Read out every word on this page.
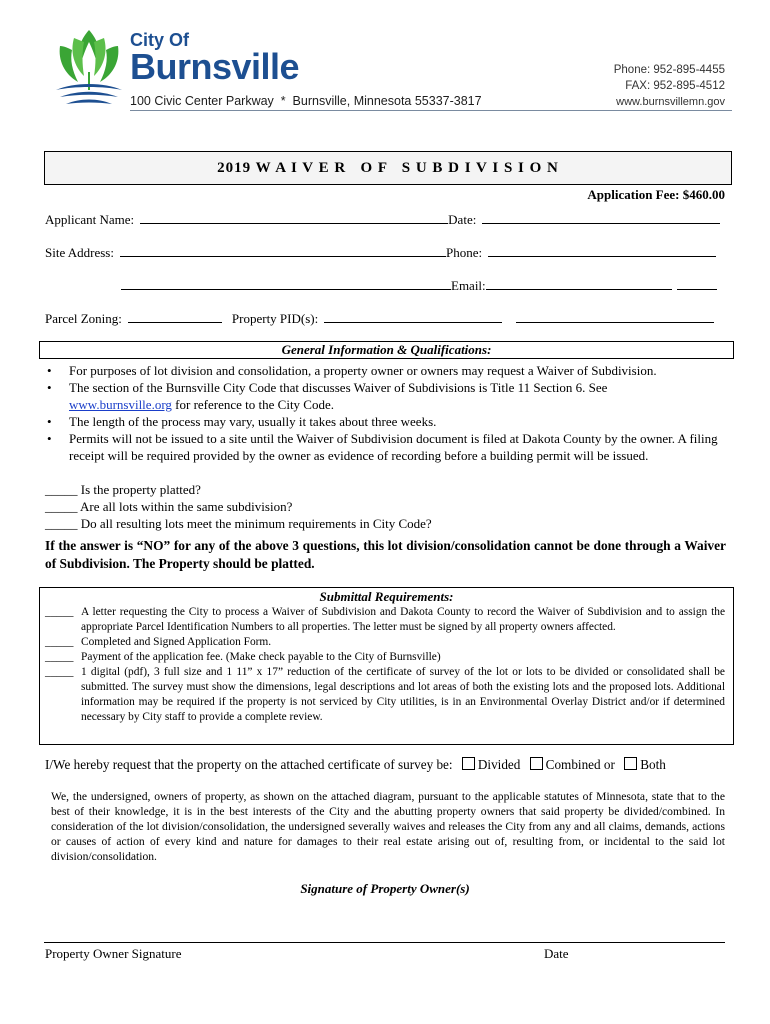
City Of
Burnsville
100 Civic Center Parkway  *  Burnsville, Minnesota 55337-3817
Phone: 952-895-4455
FAX: 952-895-4512
www.burnsvillemn.gov
2019 W A I V E R   O F   S U B D I V I S I O N
Application Fee: $460.00
Applicant Name:	Date:
Site Address:	Phone:
Email:
Parcel Zoning:	Property PID(s):
General Information & Qualifications:
• For purposes of lot division and consolidation, a property owner or owners may request a Waiver of Subdivision.
• The section of the Burnsville City Code that discusses Waiver of Subdivisions is Title 11 Section 6. See
www.burnsville.org for reference to the City Code.
• The length of the process may vary, usually it takes about three weeks.
• Permits will not be issued to a site until the Waiver of Subdivision document is filed at Dakota County by the owner. A filing receipt will be required provided by the owner as evidence of recording before a building permit will be issued.
_____ Is the property platted?
_____ Are all lots within the same subdivision?
_____ Do all resulting lots meet the minimum requirements in City Code?
If the answer is “NO” for any of the above 3 questions, this lot division/consolidation cannot be done through a Waiver of Subdivision. The Property should be platted.
Submittal Requirements:
_____ A letter requesting the City to process a Waiver of Subdivision and Dakota County to record the Waiver of Subdivision and to assign the appropriate Parcel Identification Numbers to all properties. The letter must be signed by all property owners affected.
_____ Completed and Signed Application Form.
_____ Payment of the application fee. (Make check payable to the City of Burnsville)
_____ 1 digital (pdf), 3 full size and 1 11” x 17” reduction of the certificate of survey of the lot or lots to be divided or consolidated shall be submitted. The survey must show the dimensions, legal descriptions and lot areas of both the existing lots and the proposed lots. Additional information may be required if the property is not serviced by City utilities, is in an Environmental Overlay District and/or if determined necessary by City staff to provide a complete review.
I/We hereby request that the property on the attached certificate of survey be: Divided Combined or Both
We, the undersigned, owners of property, as shown on the attached diagram, pursuant to the applicable statutes of Minnesota, state that to the best of their knowledge, it is in the best interests of the City and the abutting property owners that said property be divided/combined. In consideration of the lot division/consolidation, the undersigned severally waives and releases the City from any and all claims, demands, actions or causes of action of every kind and nature for damages to their real estate arising out of, resulting from, or incidental to the said lot division/consolidation.
Signature of Property Owner(s)
Property Owner Signature	Date
